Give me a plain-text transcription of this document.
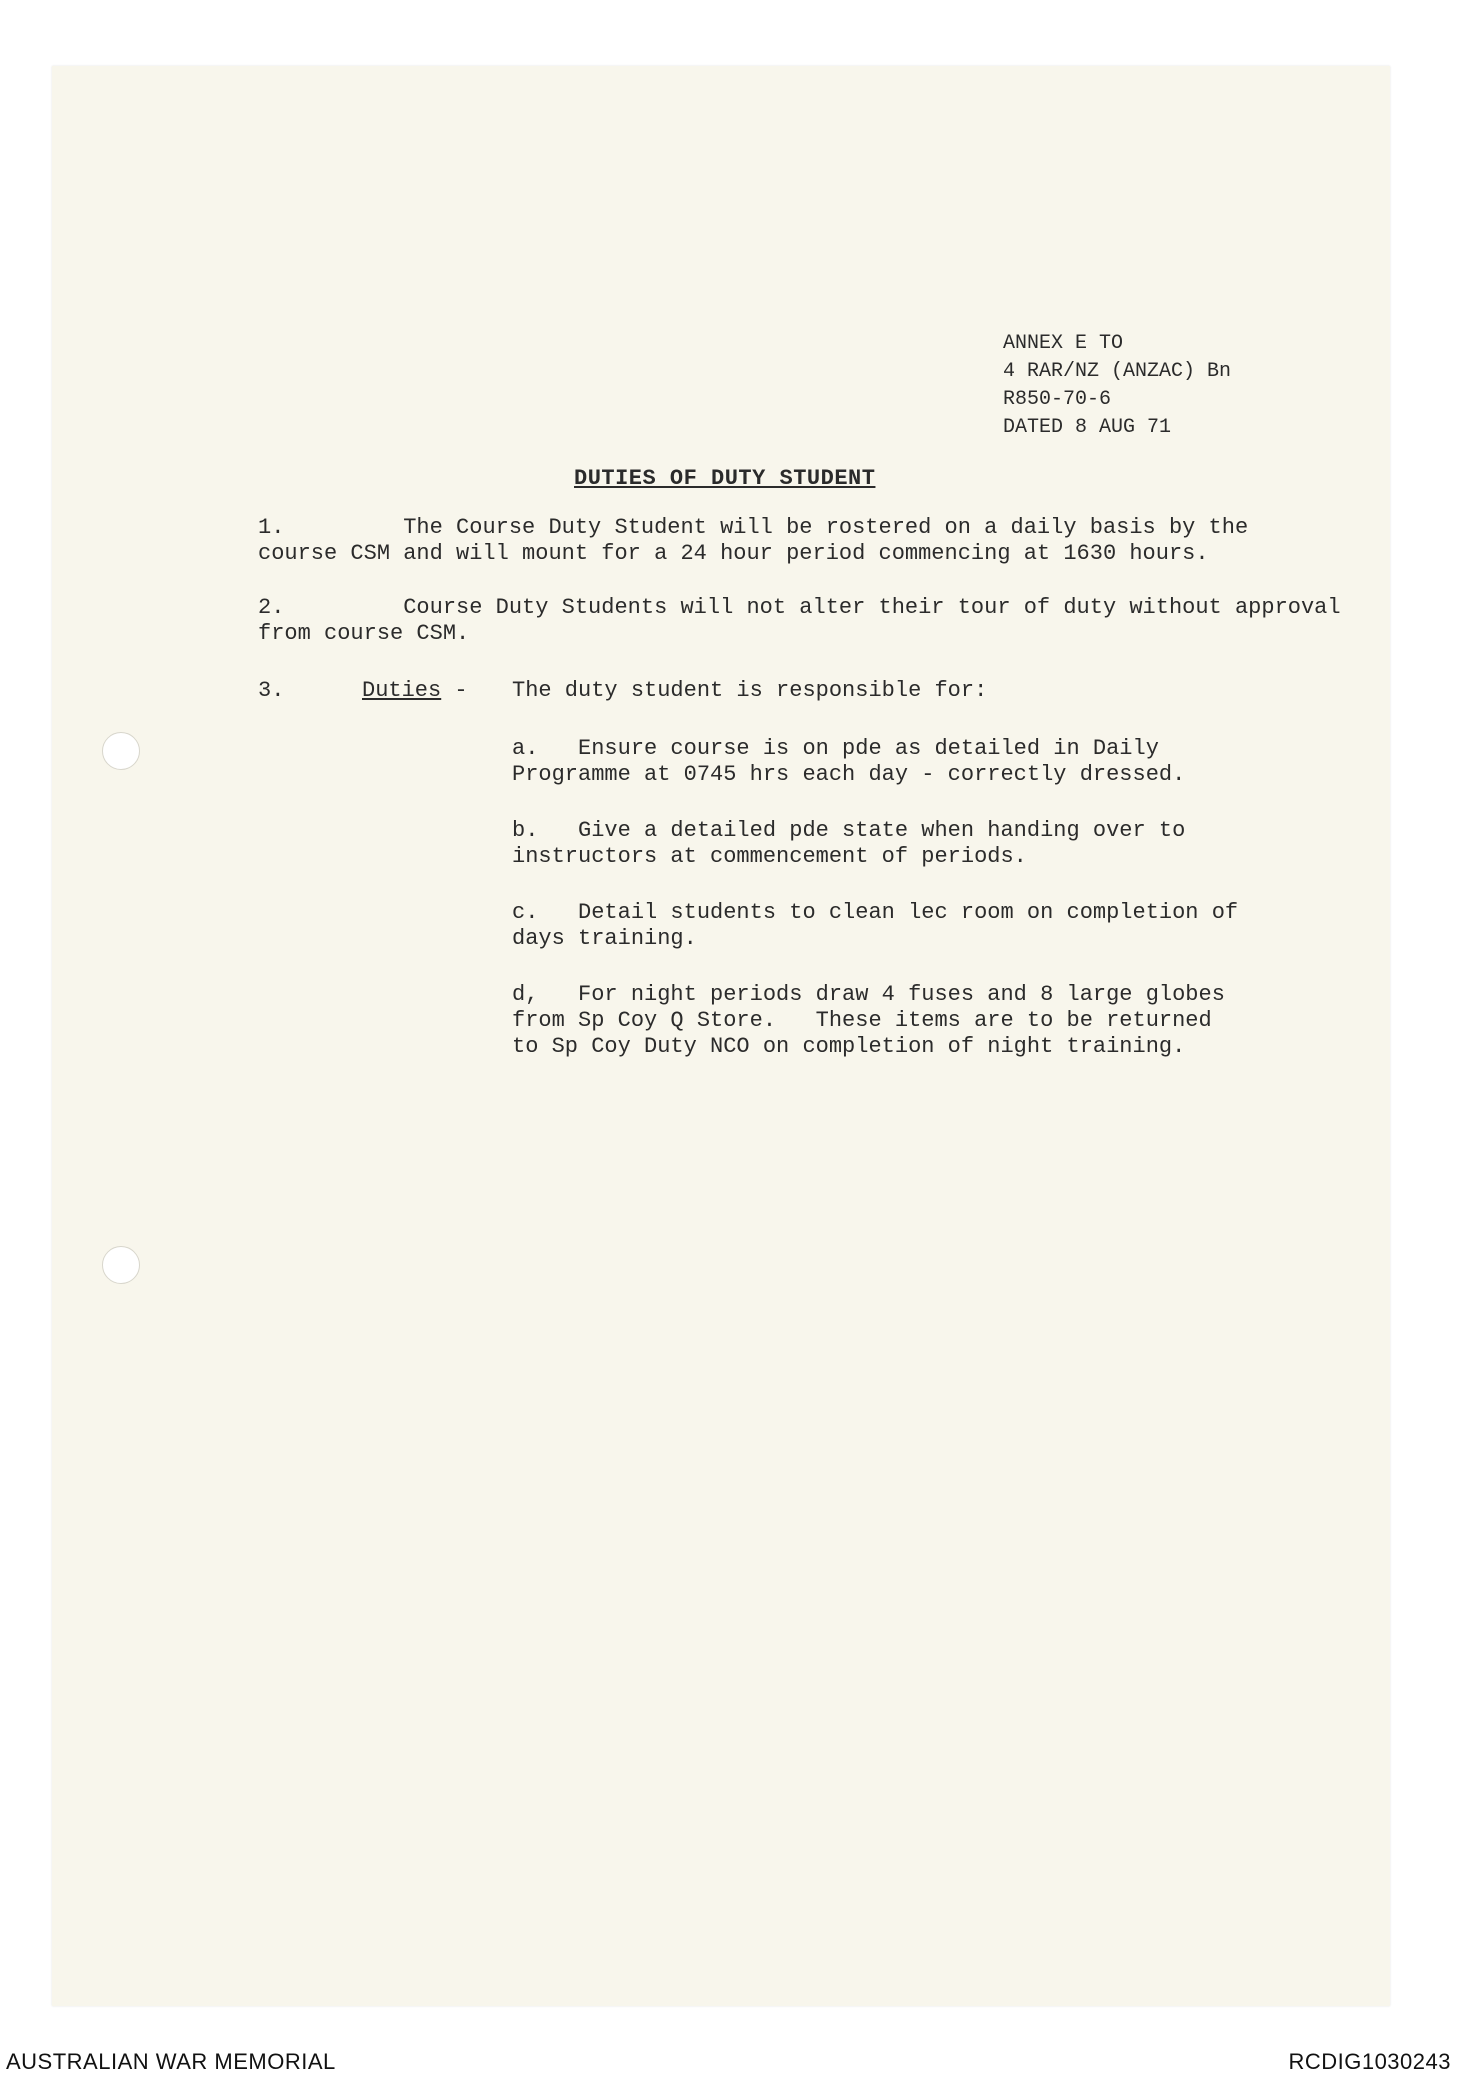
ANNEX E TO
4 RAR/NZ (ANZAC) Bn
R850-70-6
DATED 8 AUG 71
DUTIES OF DUTY STUDENT
1.	The Course Duty Student will be rostered on a daily basis by the
course CSM and will mount for a 24 hour period commencing at 1630 hours.
2.	Course Duty Students will not alter their tour of duty without approval
from course CSM.
3.	Duties - The duty student is responsible for:
a.   Ensure course is on pde as detailed in Daily
Programme at 0745 hrs each day - correctly dressed.
b.   Give a detailed pde state when handing over to
instructors at commencement of periods.
c.   Detail students to clean lec room on completion of
days training.
d,   For night periods draw 4 fuses and 8 large globes
from Sp Coy Q Store.   These items are to be returned
to Sp Coy Duty NCO on completion of night training.
AUSTRALIAN WAR MEMORIAL	RCDIG1030243
